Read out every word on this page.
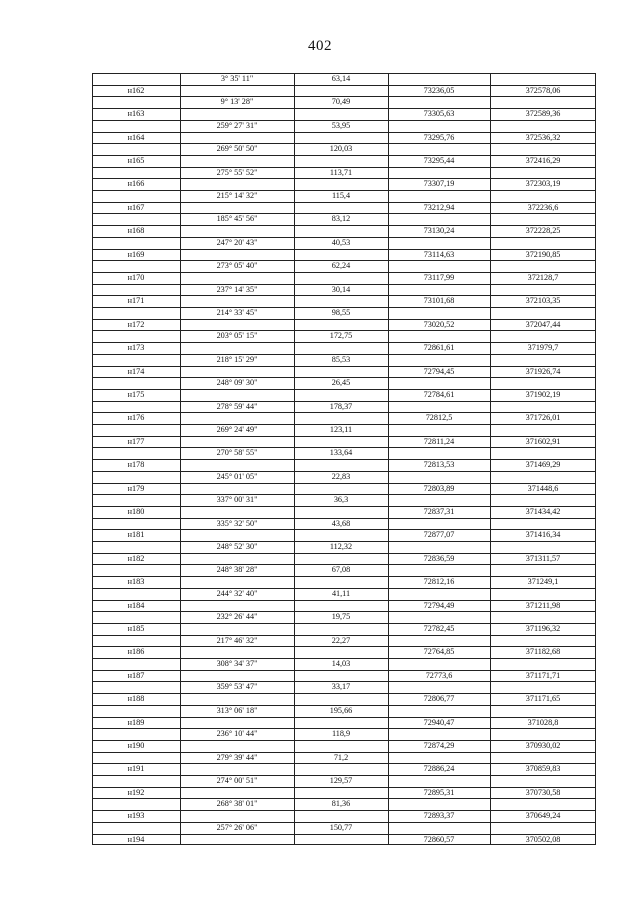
402
3° 35' 11"	63,14
н162	73236,05	372578,06
9° 13' 28"	70,49
н163	73305,63	372589,36
259° 27' 31"	53,95
н164	73295,76	372536,32
269° 50' 50"	120,03
н165	73295,44	372416,29
275° 55' 52"	113,71
н166	73307,19	372303,19
215° 14' 32"	115,4
н167	73212,94	372236,6
185° 45' 56"	83,12
н168	73130,24	372228,25
247° 20' 43"	40,53
н169	73114,63	372190,85
273° 05' 40"	62,24
н170	73117,99	372128,7
237° 14' 35"	30,14
н171	73101,68	372103,35
214° 33' 45"	98,55
н172	73020,52	372047,44
203° 05' 15"	172,75
н173	72861,61	371979,7
218° 15' 29"	85,53
н174	72794,45	371926,74
248° 09' 30"	26,45
н175	72784,61	371902,19
278° 59' 44"	178,37
н176	72812,5	371726,01
269° 24' 49"	123,11
н177	72811,24	371602,91
270° 58' 55"	133,64
н178	72813,53	371469,29
245° 01' 05"	22,83
н179	72803,89	371448,6
337° 00' 31"	36,3
н180	72837,31	371434,42
335° 32' 50"	43,68
н181	72877,07	371416,34
248° 52' 30"	112,32
н182	72836,59	371311,57
248° 38' 28"	67,08
н183	72812,16	371249,1
244° 32' 40"	41,11
н184	72794,49	371211,98
232° 26' 44"	19,75
н185	72782,45	371196,32
217° 46' 32"	22,27
н186	72764,85	371182,68
308° 34' 37"	14,03
н187	72773,6	371171,71
359° 53' 47"	33,17
н188	72806,77	371171,65
313° 06' 18"	195,66
н189	72940,47	371028,8
236° 10' 44"	118,9
н190	72874,29	370930,02
279° 39' 44"	71,2
н191	72886,24	370859,83
274° 00' 51"	129,57
н192	72895,31	370730,58
268° 38' 01"	81,36
н193	72893,37	370649,24
257° 26' 06"	150,77
н194	72860,57	370502,08
